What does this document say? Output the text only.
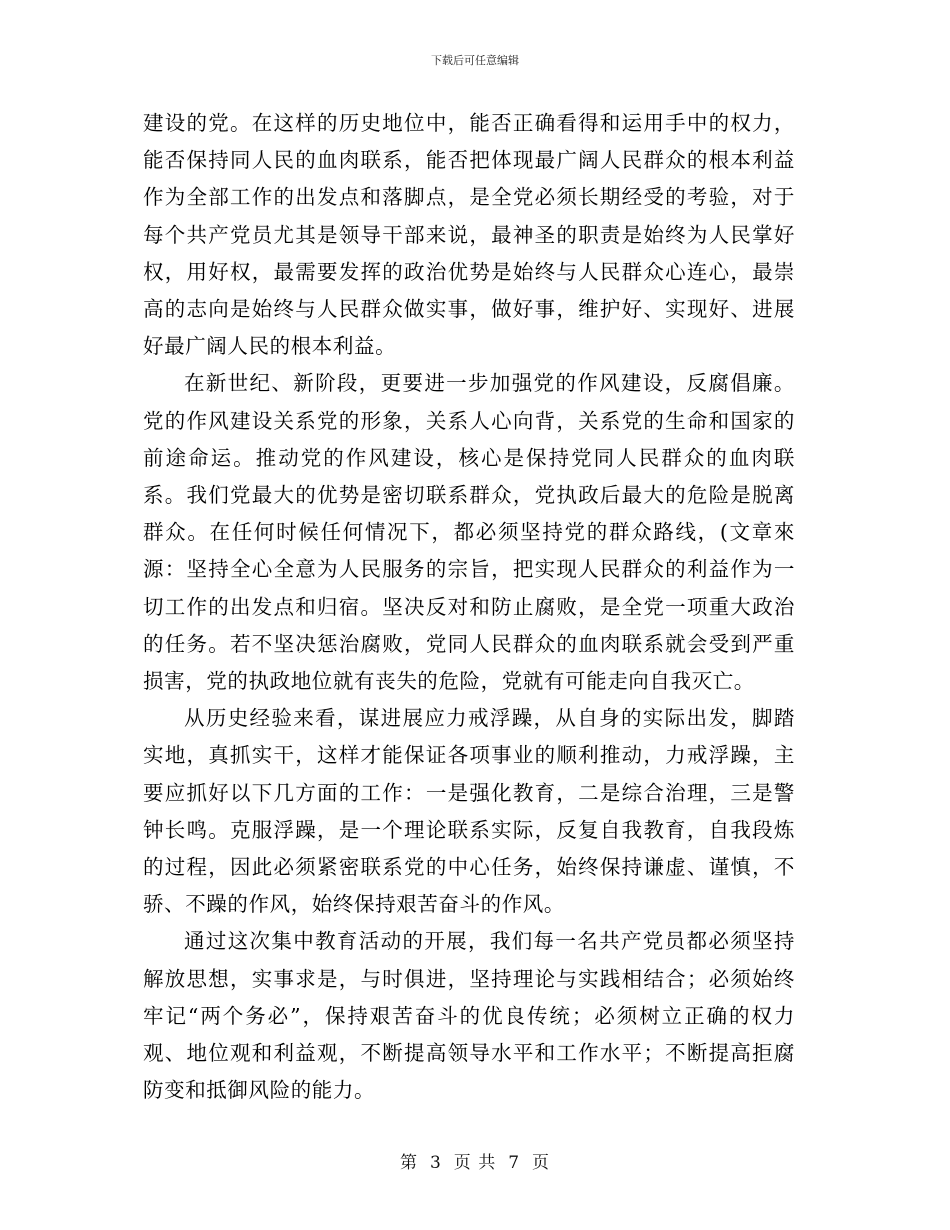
下载后可任意编辑

建设的党。在这样的历史地位中，能否正确看得和运用手中的权力，能否保持同人民的血肉联系，能否把体现最广阔人民群众的根本利益作为全部工作的出发点和落脚点，是全党必须长期经受的考验，对于每个共产党员尤其是领导干部来说，最神圣的职责是始终为人民掌好权，用好权，最需要发挥的政治优势是始终与人民群众心连心，最崇高的志向是始终与人民群众做实事，做好事，维护好、实现好、进展好最广阔人民的根本利益。

在新世纪、新阶段，更要进一步加强党的作风建设，反腐倡廉。党的作风建设关系党的形象，关系人心向背，关系党的生命和国家的前途命运。推动党的作风建设，核心是保持党同人民群众的血肉联系。我们党最大的优势是密切联系群众，党执政后最大的危险是脱离群众。在任何时候任何情况下，都必须坚持党的群众路线，(文章來源：坚持全心全意为人民服务的宗旨，把实现人民群众的利益作为一切工作的出发点和归宿。坚决反对和防止腐败，是全党一项重大政治的任务。若不坚决惩治腐败，党同人民群众的血肉联系就会受到严重损害，党的执政地位就有丧失的危险，党就有可能走向自我灭亡。

从历史经验来看，谋进展应力戒浮躁，从自身的实际出发，脚踏实地，真抓实干，这样才能保证各项事业的顺利推动，力戒浮躁，主要应抓好以下几方面的工作：一是强化教育，二是综合治理，三是警钟长鸣。克服浮躁，是一个理论联系实际，反复自我教育，自我段炼的过程，因此必须紧密联系党的中心任务，始终保持谦虚、谨慎，不骄、不躁的作风，始终保持艰苦奋斗的作风。

通过这次集中教育活动的开展，我们每一名共产党员都必须坚持解放思想，实事求是，与时俱进，坚持理论与实践相结合；必须始终牢记“两个务必”，保持艰苦奋斗的优良传统；必须树立正确的权力观、地位观和利益观，不断提高领导水平和工作水平；不断提高拒腐防变和抵御风险的能力。

第 3 页 共 7 页
